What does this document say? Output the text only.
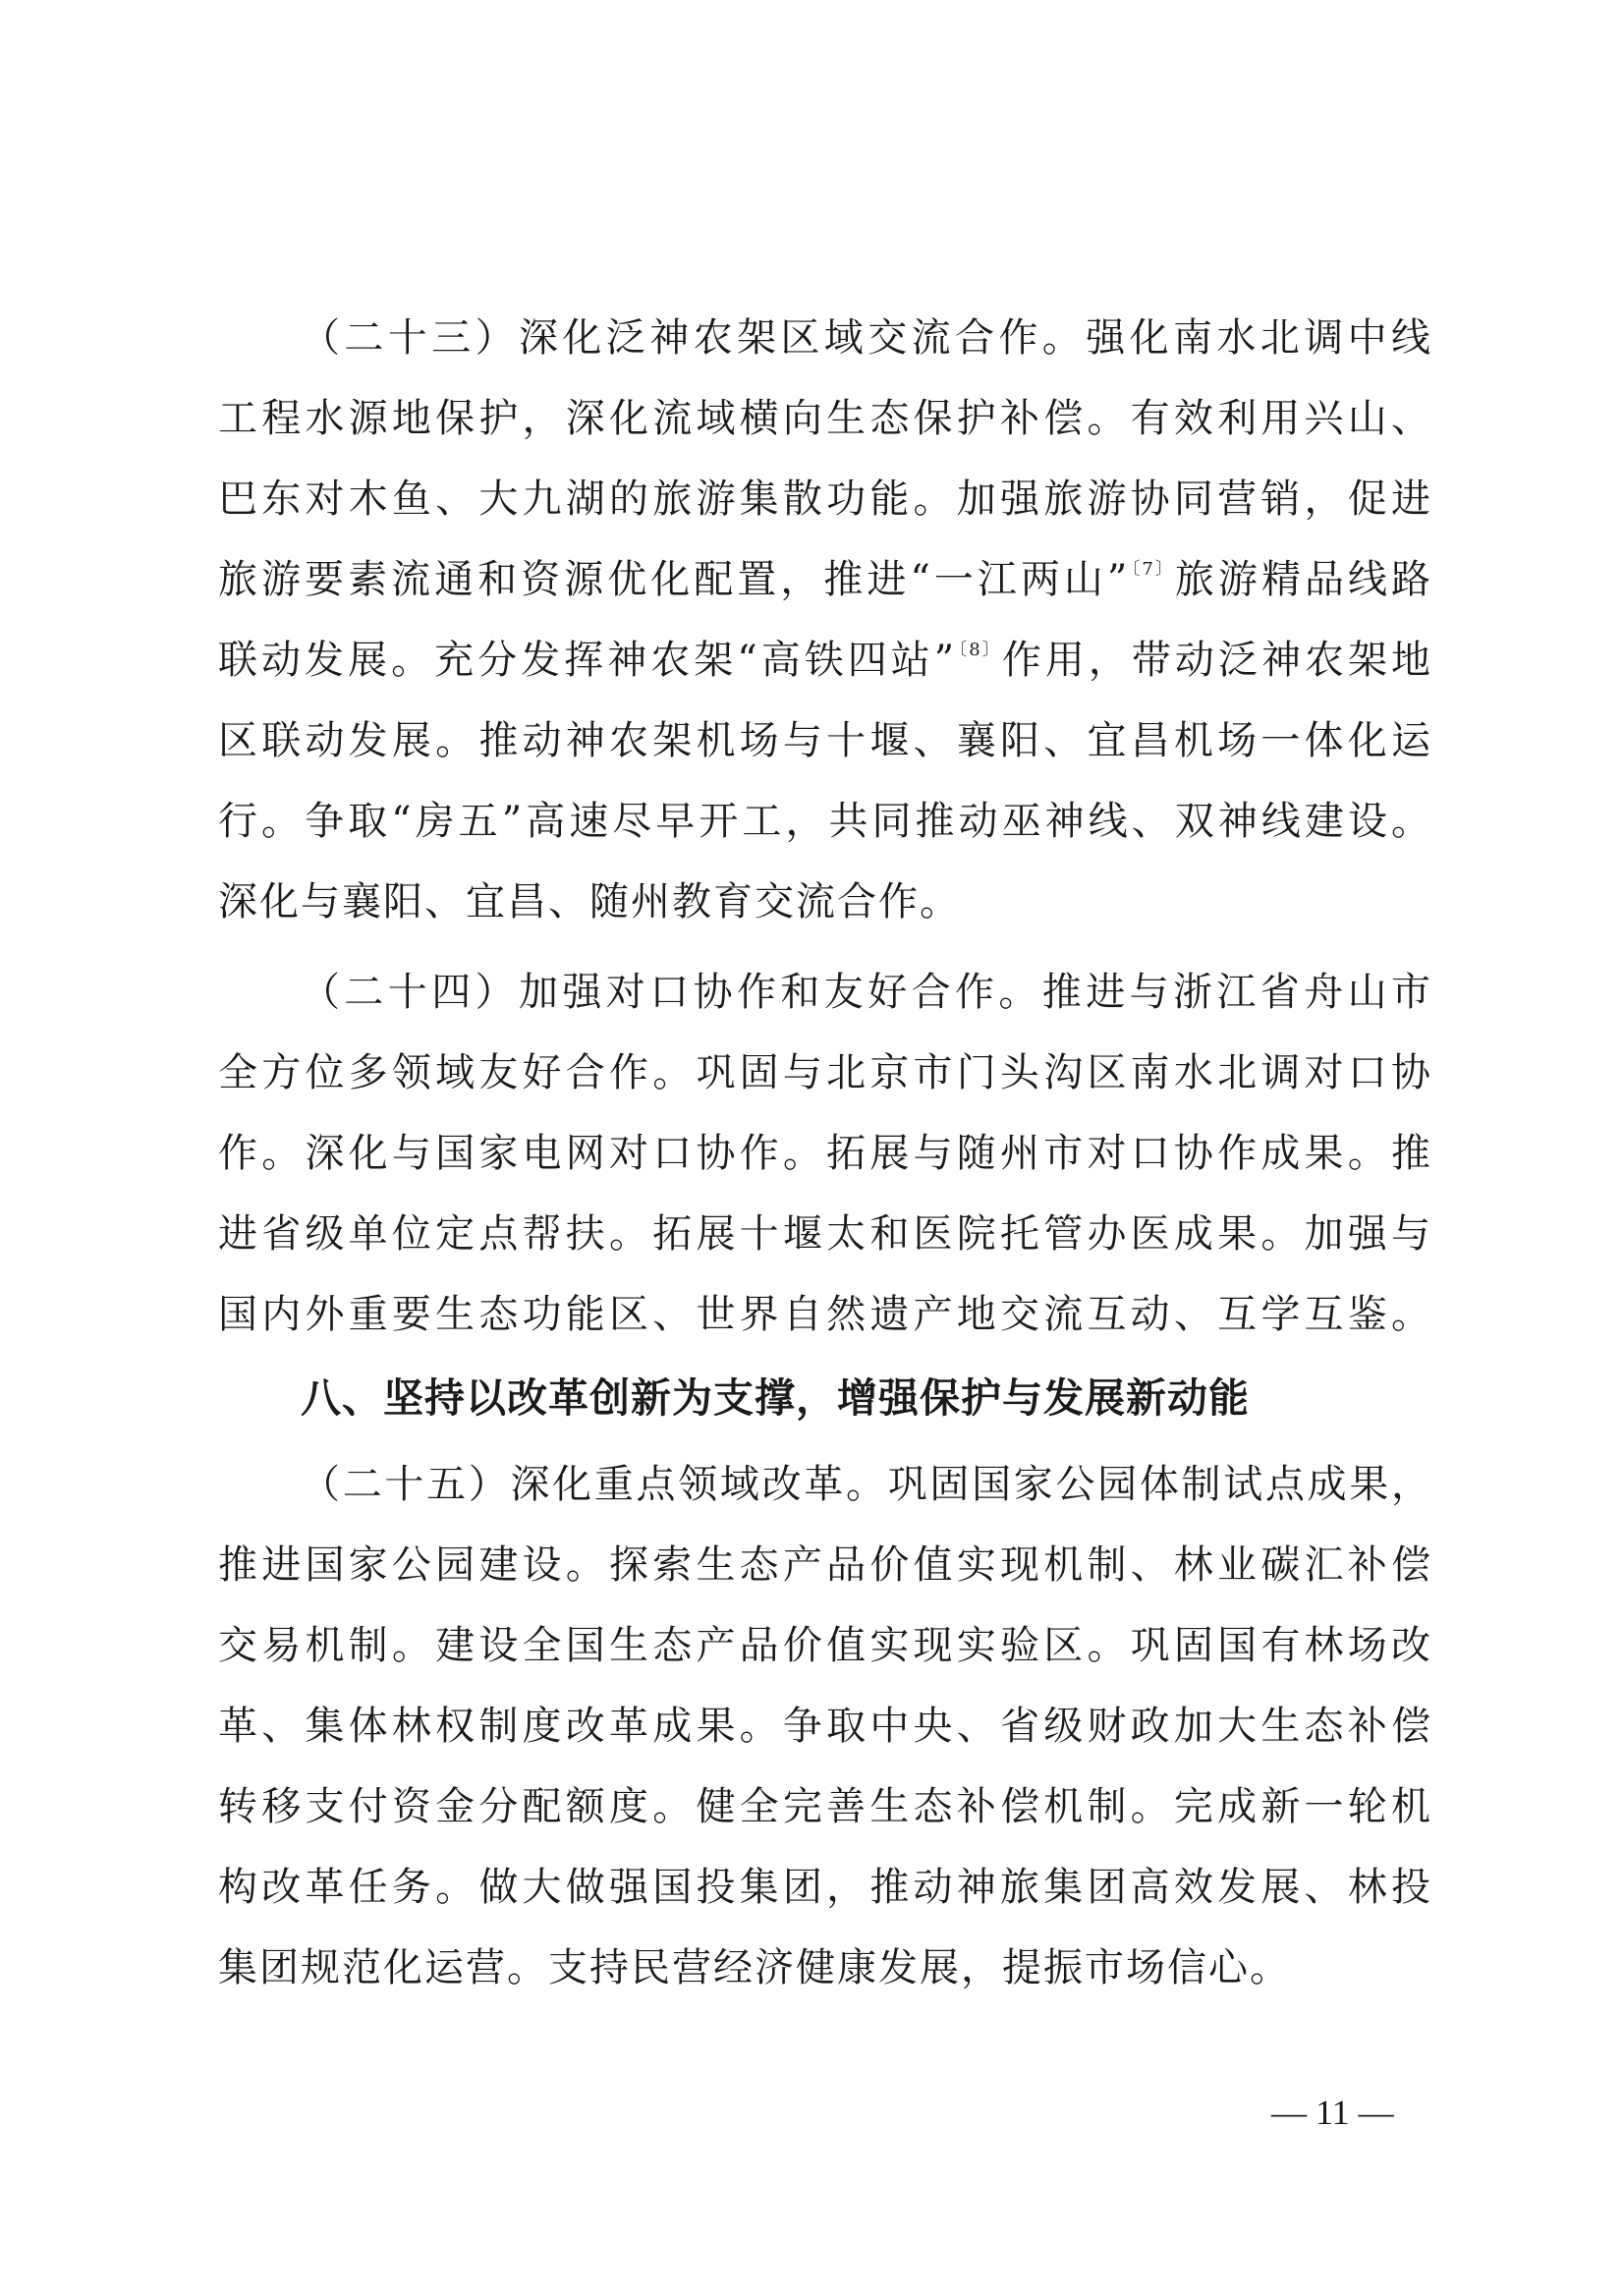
（二十三）深化泛神农架区域交流合作。强化南水北调中线
工程水源地保护，深化流域横向生态保护补偿。有效利用兴山、
巴东对木鱼、大九湖的旅游集散功能。加强旅游协同营销，促进
旅游要素流通和资源优化配置，推进“一江两山”$^{〔7〕}$旅游精品线路
联动发展。充分发挥神农架“高铁四站”$^{〔8〕}$作用，带动泛神农架地
区联动发展。推动神农架机场与十堰、襄阳、宜昌机场一体化运
行。争取“房五”高速尽早开工，共同推动巫神线、双神线建设。
深化与襄阳、宜昌、随州教育交流合作。
（二十四）加强对口协作和友好合作。推进与浙江省舟山市
全方位多领域友好合作。巩固与北京市门头沟区南水北调对口协
作。深化与国家电网对口协作。拓展与随州市对口协作成果。推
进省级单位定点帮扶。拓展十堰太和医院托管办医成果。加强与
国内外重要生态功能区、世界自然遗产地交流互动、互学互鉴。
八、坚持以改革创新为支撑，增强保护与发展新动能
（二十五）深化重点领域改革。巩固国家公园体制试点成果，
推进国家公园建设。探索生态产品价值实现机制、林业碳汇补偿
交易机制。建设全国生态产品价值实现实验区。巩固国有林场改
革、集体林权制度改革成果。争取中央、省级财政加大生态补偿
转移支付资金分配额度。健全完善生态补偿机制。完成新一轮机
构改革任务。做大做强国投集团，推动神旅集团高效发展、林投
集团规范化运营。支持民营经济健康发展，提振市场信心。
— 11 —
